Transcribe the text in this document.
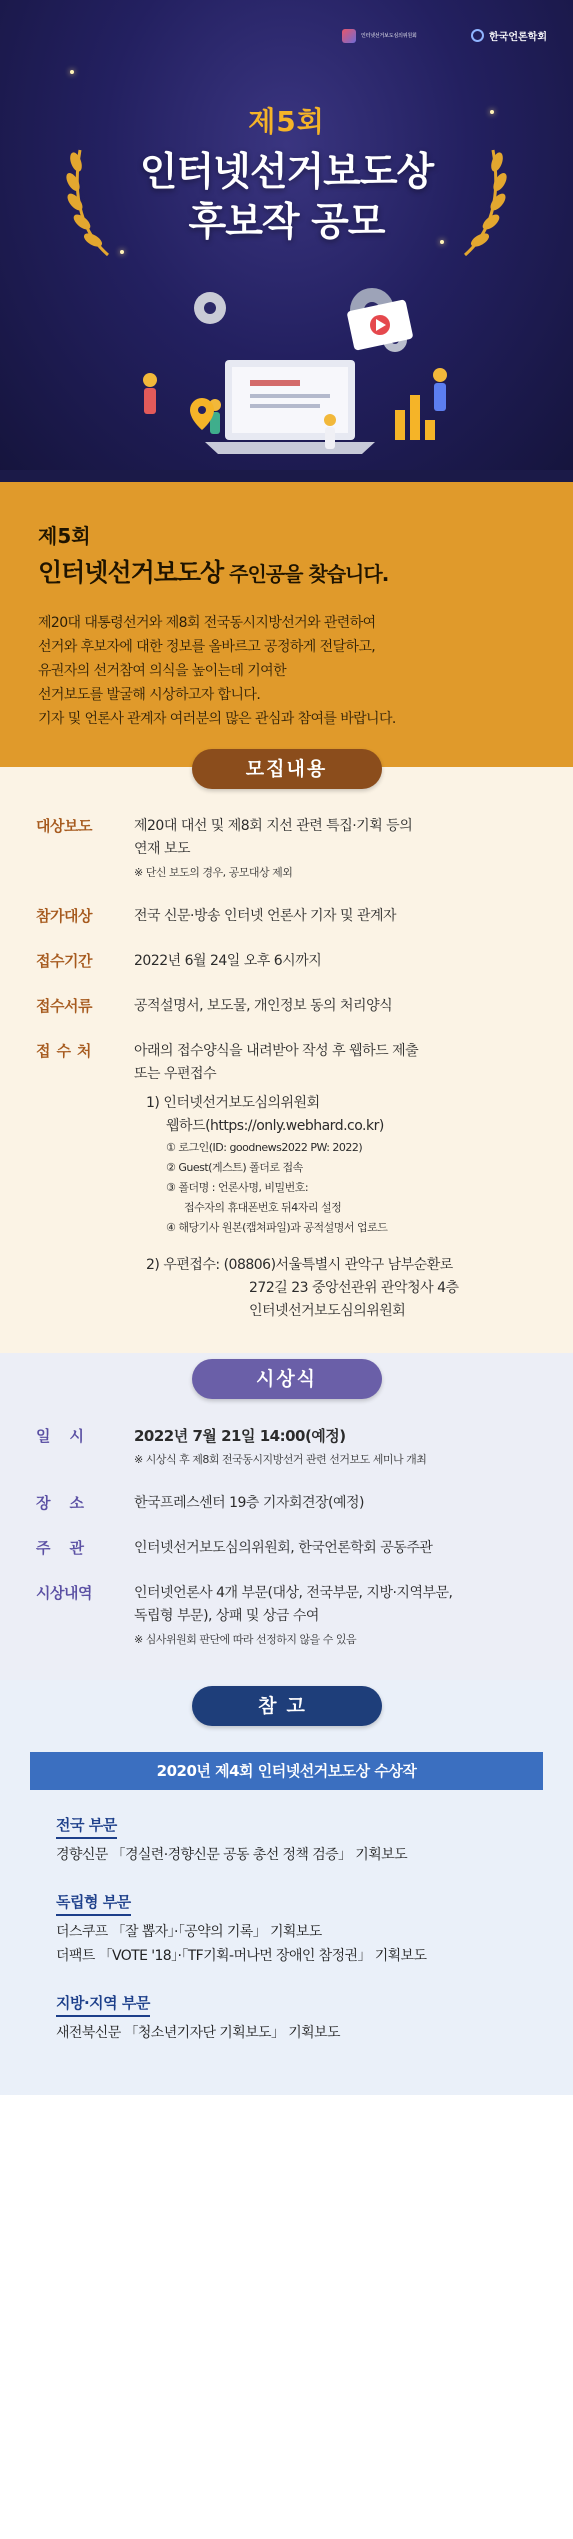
인터넷선거보도심의위원회	한국언론학회
제5회
인터넷선거보도상
후보작 공모
제5회
인터넷선거보도상 주인공을 찾습니다.
제20대 대통령선거와 제8회 전국동시지방선거와 관련하여
선거와 후보자에 대한 정보를 올바르고 공정하게 전달하고,
유권자의 선거참여 의식을 높이는데 기여한
선거보도를 발굴해 시상하고자 합니다.
기자 및 언론사 관계자 여러분의 많은 관심과 참여를 바랍니다.
모집내용
대상보도	제20대 대선 및 제8회 지선 관련 특집·기획 등의
연재 보도
※ 단신 보도의 경우, 공모대상 제외
참가대상	전국 신문·방송 인터넷 언론사 기자 및 관계자
접수기간	2022년 6월 24일 오후 6시까지
접수서류	공적설명서, 보도물, 개인정보 동의 처리양식
접수처	아래의 접수양식을 내려받아 작성 후 웹하드 제출
또는 우편접수
1) 인터넷선거보도심의위원회
웹하드(https://only.webhard.co.kr)
① 로그인(ID: goodnews2022 PW: 2022)
② Guest(게스트) 폴더로 접속
③ 폴더명 : 언론사명, 비밀번호:
접수자의 휴대폰번호 뒤4자리 설정
④ 해당기사 원본(캡쳐파일)과 공적설명서 업로드
2) 우편접수: (08806)서울특별시 관악구 남부순환로
272길 23 중앙선관위 관악청사 4층
인터넷선거보도심의위원회
시상식
일시	2022년 7월 21일 14:00(예정)
※ 시상식 후 제8회 전국동시지방선거 관련 선거보도 세미나 개최
장소	한국프레스센터 19층 기자회견장(예정)
주관	인터넷선거보도심의위원회, 한국언론학회 공동주관
시상내역	인터넷언론사 4개 부문(대상, 전국부문, 지방·지역부문,
독립형 부문), 상패 및 상금 수여
※ 심사위원회 판단에 따라 선정하지 않을 수 있음
참고
2020년 제4회 인터넷선거보도상 수상작
전국 부문
경향신문 「경실련·경향신문 공동 총선 정책 검증」 기획보도
독립형 부문
더스쿠프 「잘 뽑자」·「공약의 기록」 기획보도
더팩트 「VOTE '18」·「TF기획-머나먼 장애인 참정권」 기획보도
지방·지역 부문
새전북신문 「청소년기자단 기획보도」 기획보도
